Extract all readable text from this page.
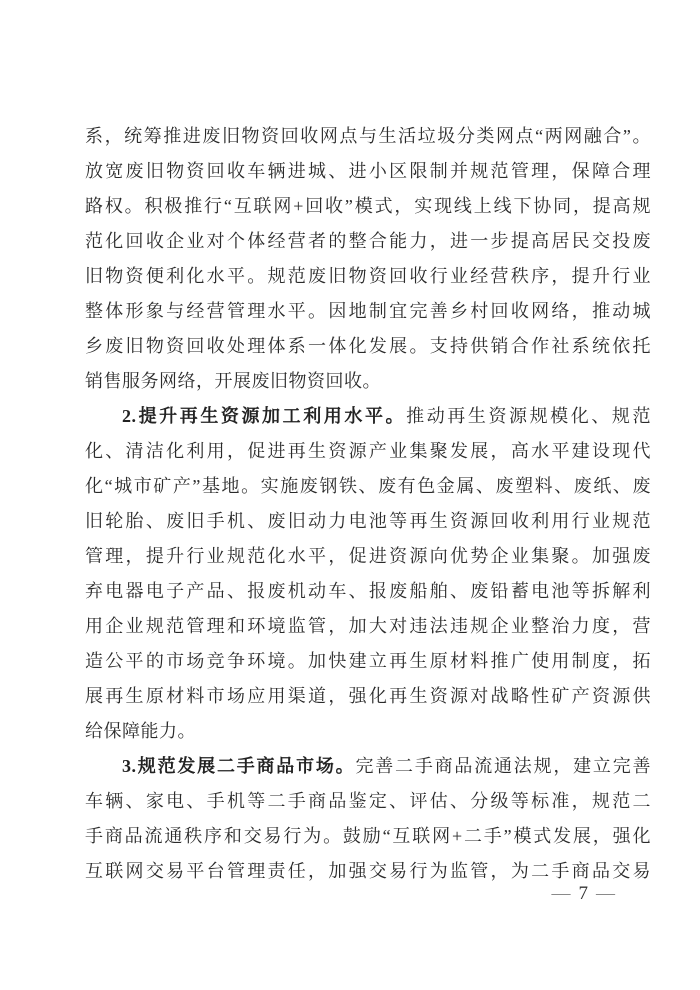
系，统筹推进废旧物资回收网点与生活垃圾分类网点“两网融合”。
放宽废旧物资回收车辆进城、进小区限制并规范管理，保障合理
路权。积极推行“互联网+回收”模式，实现线上线下协同，提高规
范化回收企业对个体经营者的整合能力，进一步提高居民交投废
旧物资便利化水平。规范废旧物资回收行业经营秩序，提升行业
整体形象与经营管理水平。因地制宜完善乡村回收网络，推动城
乡废旧物资回收处理体系一体化发展。支持供销合作社系统依托
销售服务网络，开展废旧物资回收。
2.提升再生资源加工利用水平。推动再生资源规模化、规范
化、清洁化利用，促进再生资源产业集聚发展，高水平建设现代
化“城市矿产”基地。实施废钢铁、废有色金属、废塑料、废纸、废
旧轮胎、废旧手机、废旧动力电池等再生资源回收利用行业规范
管理，提升行业规范化水平，促进资源向优势企业集聚。加强废
弃电器电子产品、报废机动车、报废船舶、废铅蓄电池等拆解利
用企业规范管理和环境监管，加大对违法违规企业整治力度，营
造公平的市场竞争环境。加快建立再生原材料推广使用制度，拓
展再生原材料市场应用渠道，强化再生资源对战略性矿产资源供
给保障能力。
3.规范发展二手商品市场。完善二手商品流通法规，建立完善
车辆、家电、手机等二手商品鉴定、评估、分级等标准，规范二
手商品流通秩序和交易行为。鼓励“互联网+二手”模式发展，强化
互联网交易平台管理责任，加强交易行为监管，为二手商品交易
— 7 —
